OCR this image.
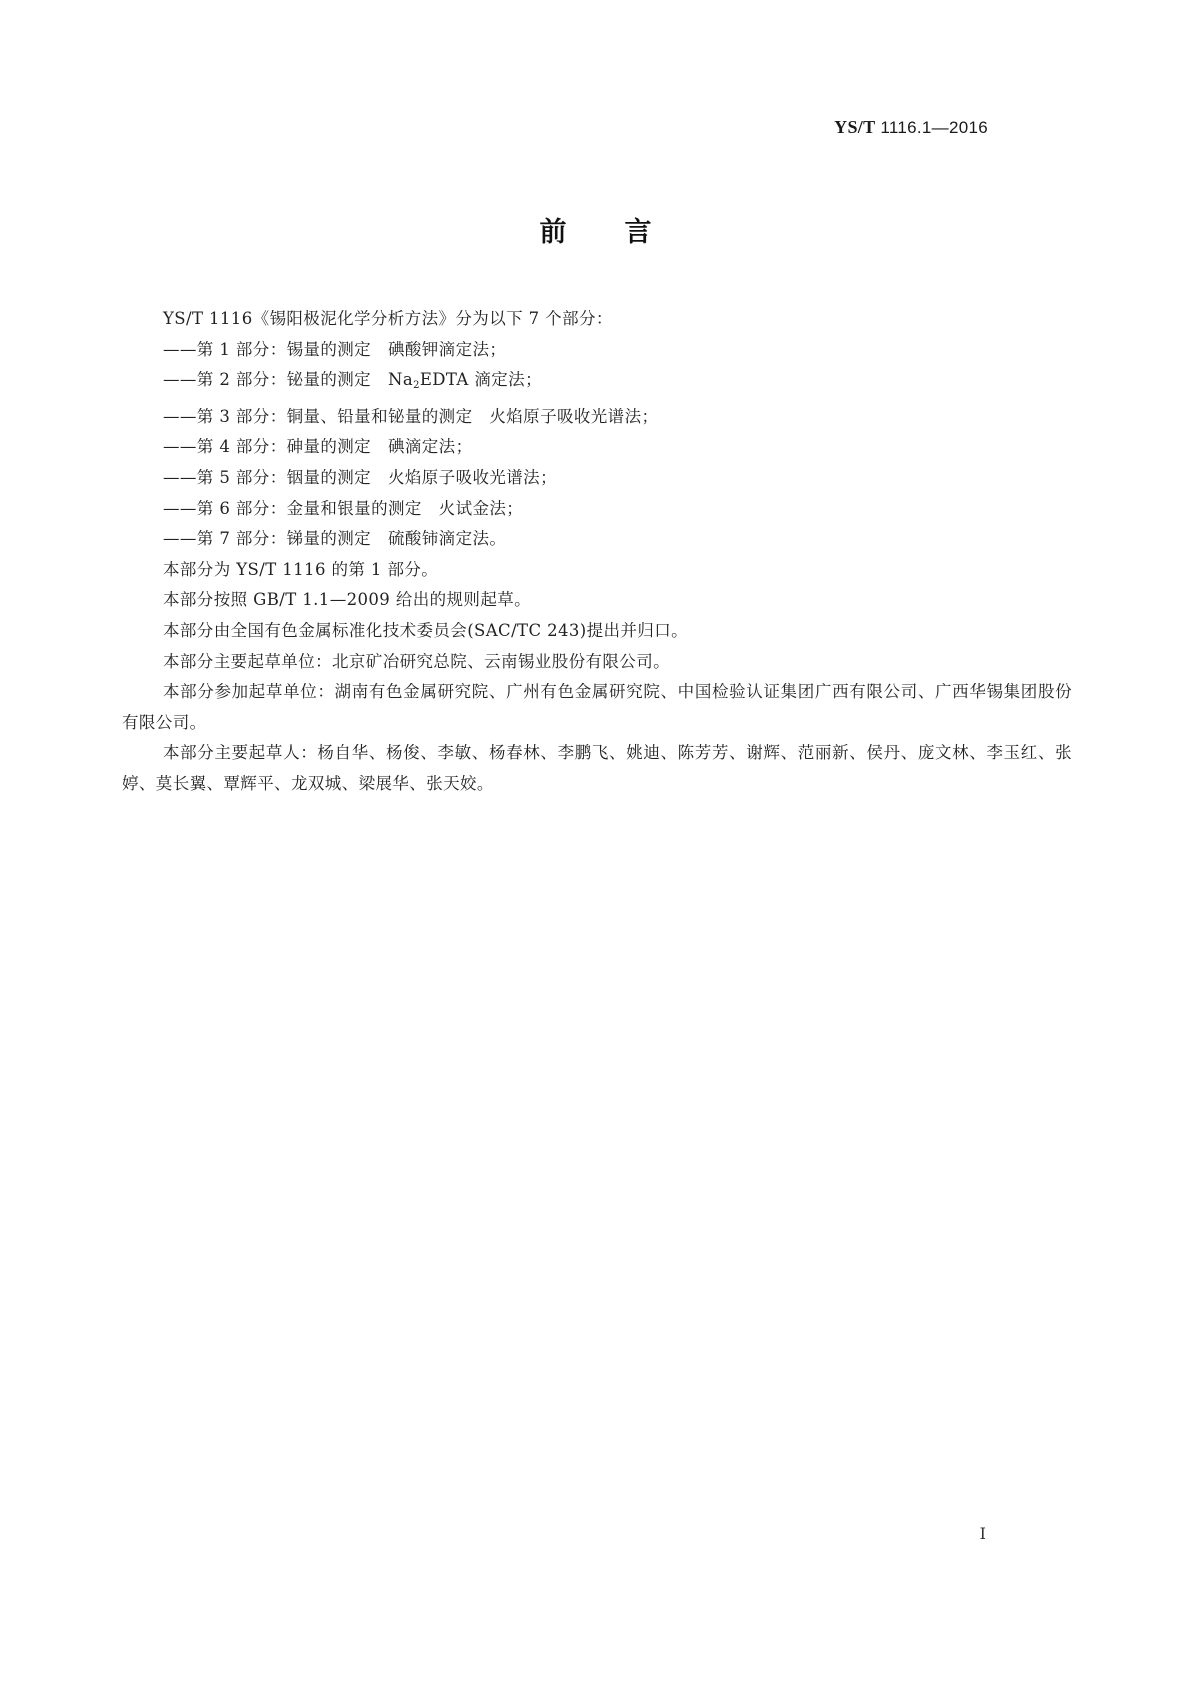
YS/T 1116.1—2016
前言

YS/T 1116《锡阳极泥化学分析方法》分为以下 7 个部分：

——第 1 部分：锡量的测定　碘酸钾滴定法；

——第 2 部分：铋量的测定　Na2EDTA 滴定法；

——第 3 部分：铜量、铅量和铋量的测定　火焰原子吸收光谱法；

——第 4 部分：砷量的测定　碘滴定法；

——第 5 部分：铟量的测定　火焰原子吸收光谱法；

——第 6 部分：金量和银量的测定　火试金法；

——第 7 部分：锑量的测定　硫酸铈滴定法。

本部分为 YS/T 1116 的第 1 部分。

本部分按照 GB/T 1.1—2009 给出的规则起草。

本部分由全国有色金属标准化技术委员会(SAC/TC 243)提出并归口。

本部分主要起草单位：北京矿冶研究总院、云南锡业股份有限公司。

本部分参加起草单位：湖南有色金属研究院、广州有色金属研究院、中国检验认证集团广西有限公司、广西华锡集团股份有限公司。

本部分主要起草人：杨自华、杨俊、李敏、杨春林、李鹏飞、姚迪、陈芳芳、谢辉、范丽新、侯丹、庞文林、李玉红、张婷、莫长翼、覃辉平、龙双城、梁展华、张天姣。

I
